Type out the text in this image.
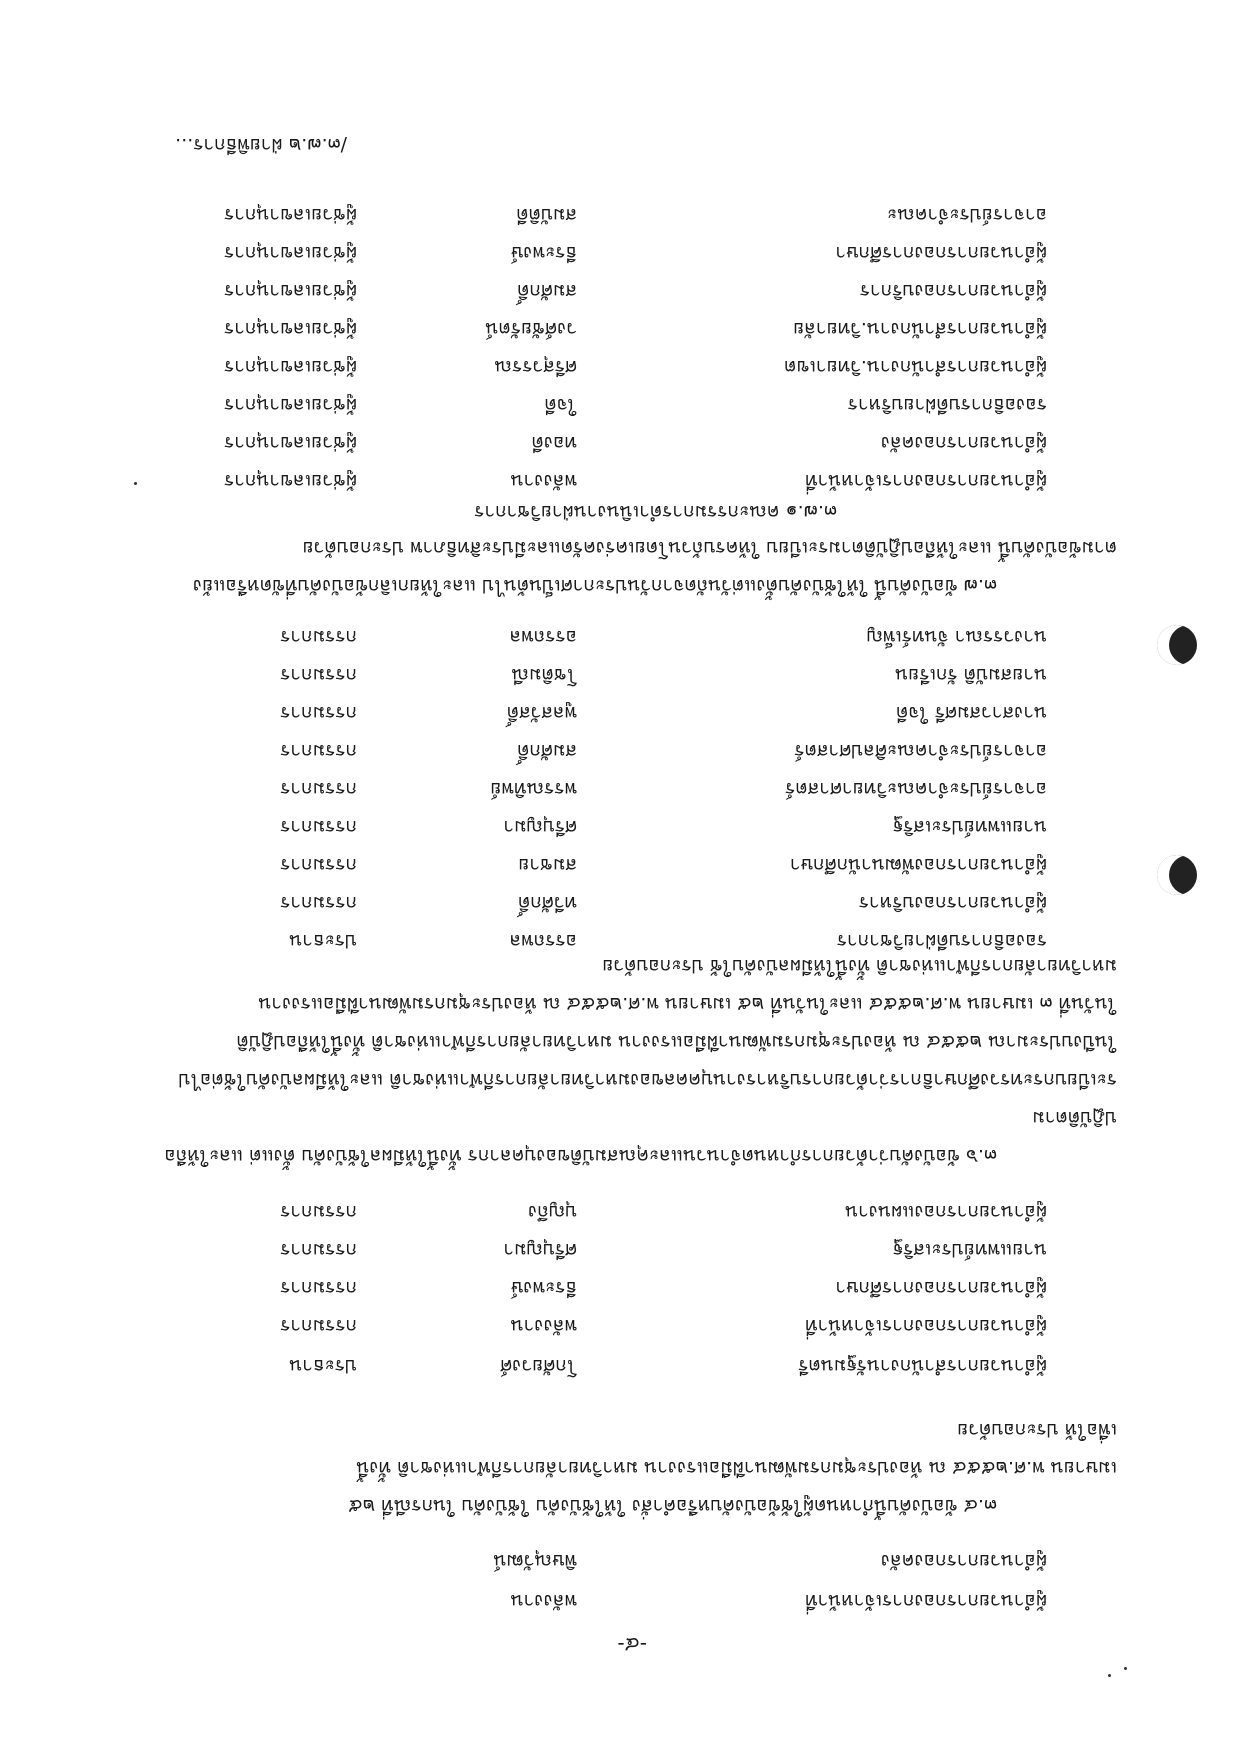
-๔-
ผู้อำนวยการกองการเจ้าหน้าที่
พลังงาน
ผู้อำนวยการกองคลัง
พิษณุวัฒน์

๓.๔ ข้อบังคับนี้กำหนดผู้ใช้ข้อบังคับหรือคำสั่ง ให้ใช้บังคับ ใช้บังคับ ในกรณีที่ ๒๕

เมษายน พ.ศ.๒๕๕๔ ณ ห้องประชุมกรมพัฒนาฝีมือแรงงาน มหาวิทยาลัยการกีฬาแห่งชาติ ทั้งนี้

เพื่อให้ ประกอบด้วย

ผู้อำนวยการสำนักงานรัฐมนตรี
โกศัยวงศ์
ประธาน
ผู้อำนวยการกองการเจ้าหน้าที่
พลังงาน
กรรมการ
ผู้อำนวยการกองการศึกษา
ธีระพงษ์
กรรมการ
นายแพทย์ประเสริฐ
ศรีบุญมา
กรรมการ
ผู้อำนวยการกองแผนงาน
บุญถึง
กรรมการ

๓.๖ ข้อบังคับว่าด้วยการกำหนดจำนวนและคุณสมบัติของบุคลากร ทั้งนี้ให้มีผลใช้บังคับ ตั้งแต่ และให้ถือปฏิบัติตาม

ระเบียบกระทรวงศึกษาธิการว่าด้วยการบริหารงานบุคคลของมหาวิทยาลัยการกีฬาแห่งชาติ และให้มีผลบังคับใช้ต่อไป

ในปีงบประมาณ ๒๕๕๔ ณ ห้องประชุมกรมพัฒนาฝีมือแรงงาน มหาวิทยาลัยการกีฬาแห่งชาติ ทั้งนี้ให้ถือปฏิบัติ

ในวันที่ ๓ เมษายน พ.ศ.๒๕๕๔ และในวันที่ ๒๕ เมษายน พ.ศ.๒๕๕๔ ณ ห้องประชุมกรมพัฒนาฝีมือแรงงาน

มหาวิทยาลัยการกีฬาแห่งชาติ ทั้งนี้ให้มีผลบังคับใช้ ประกอบด้วย

รองอธิการบดีฝ่ายวิชาการ
อรรถพล
ประธาน
ผู้อำนวยการกองบริหาร
ทวีศักดิ์
กรรมการ
ผู้อำนวยการกองพัฒนานักศึกษา
สมชาย
กรรมการ
นายแพทย์ประเสริฐ
ศรีบุญมา
กรรมการ
อาจารย์ประจำคณะวิทยาศาสตร์
พรรณทิพย์
กรรมการ
อาจารย์ประจำคณะศิลปศาสตร์
สมศักดิ์
กรรมการ
นางสาวสมศรี ใจดี
พูลสวัสดิ์
กรรมการ
นายสมบัติ รักเรียน
โชติมณี
กรรมการ
นางวรรณา จันทร์เพ็ญ
อรรถพล
กรรมการ

๓.๗ ข้อบังคับนี้ ให้ใช้บังคับตั้งแต่วันถัดจากวันประกาศเป็นต้นไป และให้ยกเลิกข้อบังคับที่ขัดหรือแย้ง

ตามข้อบังคับนี้ และให้ถือปฏิบัติตามระเบียบ ให้ครบถ้วนโดยเคร่งครัดและมีประสิทธิภาพ ประกอบด้วย

๓.๗.๑ คณะกรรมการดำเนินงานฝ่ายวิชาการ
ผู้อำนวยการกองการเจ้าหน้าที่
พลังงาน
ผู้ช่วยเลขานุการ
ผู้อำนวยการกองคลัง
ทองดี
ผู้ช่วยเลขานุการ
รองอธิการบดีฝ่ายบริหาร
ใจดี
ผู้ช่วยเลขานุการ
ผู้อำนวยการสำนักงาน.วิทยาเขต
ศรีสุวรรณ
ผู้ช่วยเลขานุการ
ผู้อำนวยการสำนักงาน.วิทยาลัย
วงศ์ชัยรัตน์
ผู้ช่วยเลขานุการ
ผู้อำนวยการกองบริการ
สมศักดิ์
ผู้ช่วยเลขานุการ
ผู้อำนวยการกองการศึกษา
ธีระพงษ์
ผู้ช่วยเลขานุการ
อาจารย์ประจำคณะ
สมบัติดี
ผู้ช่วยเลขานุการ
/๓.๗.๒ ฝ่ายพิธีการ...
